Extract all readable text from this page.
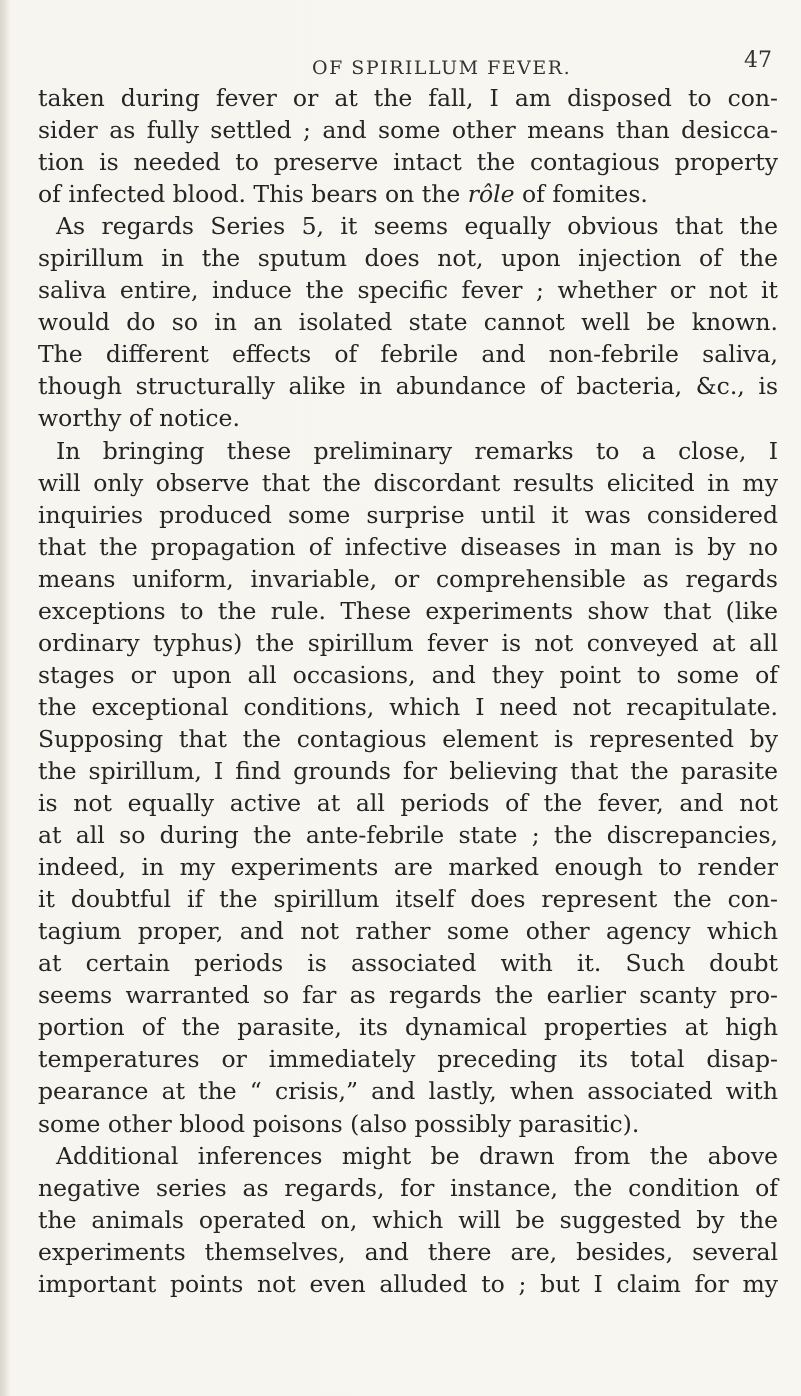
OF SPIRILLUM FEVER.	47
taken during fever or at the fall, I am disposed to con-
sider as fully settled ; and some other means than desicca-
tion is needed to preserve intact the contagious property
of infected blood. This bears on the rôle of fomites.
As regards Series 5, it seems equally obvious that the
spirillum in the sputum does not, upon injection of the
saliva entire, induce the specific fever ; whether or not it
would do so in an isolated state cannot well be known.
The different effects of febrile and non-febrile saliva,
though structurally alike in abundance of bacteria, &c., is
worthy of notice.
In bringing these preliminary remarks to a close, I
will only observe that the discordant results elicited in my
inquiries produced some surprise until it was considered
that the propagation of infective diseases in man is by no
means uniform, invariable, or comprehensible as regards
exceptions to the rule. These experiments show that (like
ordinary typhus) the spirillum fever is not conveyed at all
stages or upon all occasions, and they point to some of
the exceptional conditions, which I need not recapitulate.
Supposing that the contagious element is represented by
the spirillum, I find grounds for believing that the parasite
is not equally active at all periods of the fever, and not
at all so during the ante-febrile state ; the discrepancies,
indeed, in my experiments are marked enough to render
it doubtful if the spirillum itself does represent the con-
tagium proper, and not rather some other agency which
at certain periods is associated with it. Such doubt
seems warranted so far as regards the earlier scanty pro-
portion of the parasite, its dynamical properties at high
temperatures or immediately preceding its total disap-
pearance at the “ crisis,” and lastly, when associated with
some other blood poisons (also possibly parasitic).
Additional inferences might be drawn from the above
negative series as regards, for instance, the condition of
the animals operated on, which will be suggested by the
experiments themselves, and there are, besides, several
important points not even alluded to ; but I claim for my
